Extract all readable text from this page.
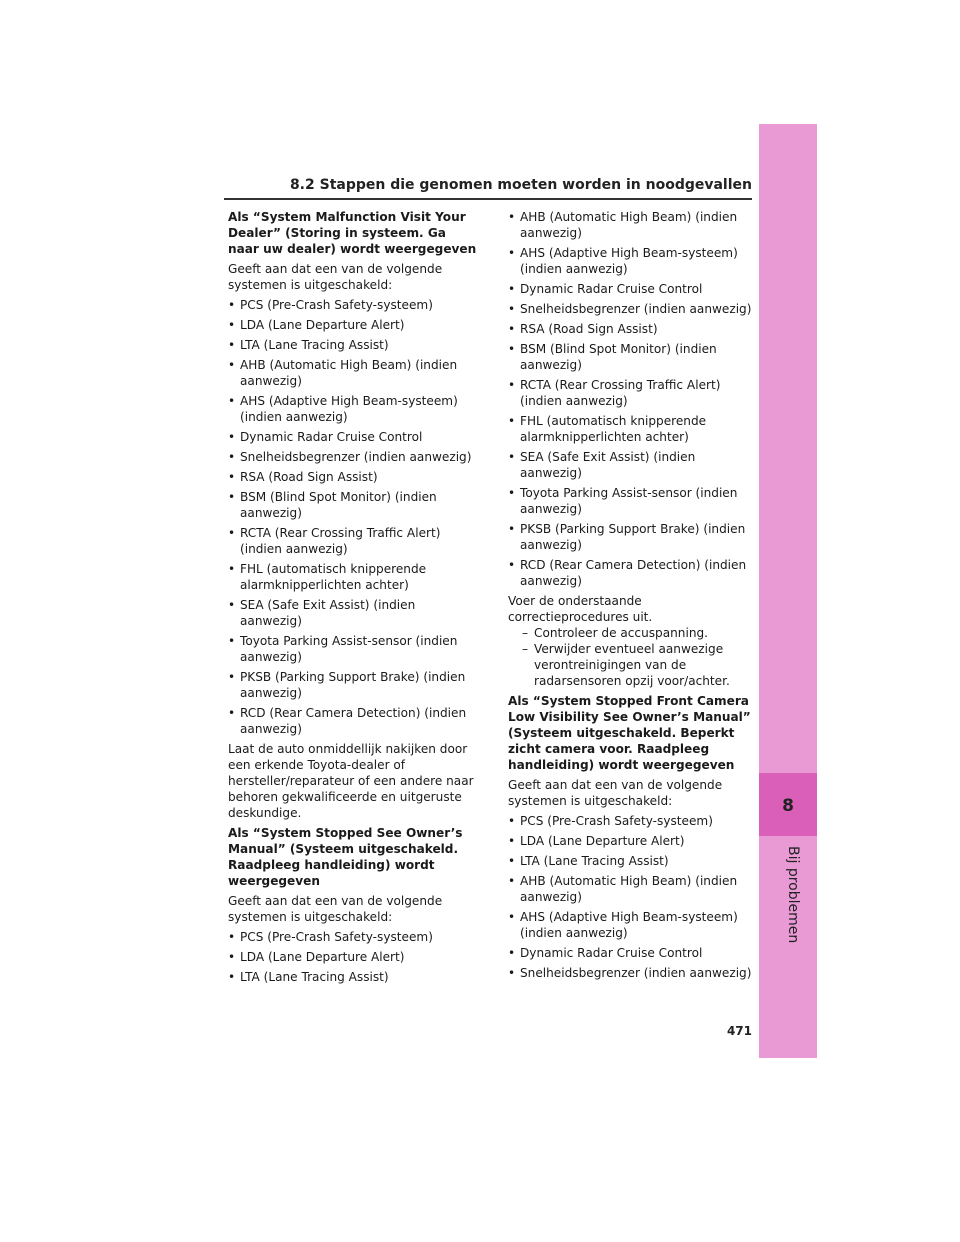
8.2 Stappen die genomen moeten worden in noodgevallen
8
Bij problemen
Als “System Malfunction Visit Your Dealer” (Storing in systeem. Ga naar uw dealer) wordt weergegeven

Geeft aan dat een van de volgende systemen is uitgeschakeld:

• PCS (Pre-Crash Safety-systeem)
• LDA (Lane Departure Alert)
• LTA (Lane Tracing Assist)
• AHB (Automatic High Beam) (indien aanwezig)
• AHS (Adaptive High Beam-systeem) (indien aanwezig)
• Dynamic Radar Cruise Control
• Snelheidsbegrenzer (indien aanwezig)
• RSA (Road Sign Assist)
• BSM (Blind Spot Monitor) (indien aanwezig)
• RCTA (Rear Crossing Traffic Alert) (indien aanwezig)
• FHL (automatisch knipperende alarmknipperlichten achter)
• SEA (Safe Exit Assist) (indien aanwezig)
• Toyota Parking Assist-sensor (indien aanwezig)
• PKSB (Parking Support Brake) (indien aanwezig)
• RCD (Rear Camera Detection) (indien aanwezig)

Laat de auto onmiddellijk nakijken door een erkende Toyota-dealer of hersteller/reparateur of een andere naar behoren gekwalificeerde en uitgeruste deskundige.

Als “System Stopped See Owner’s Manual” (Systeem uitgeschakeld. Raadpleeg handleiding) wordt weergegeven

Geeft aan dat een van de volgende systemen is uitgeschakeld:

• PCS (Pre-Crash Safety-systeem)
• LDA (Lane Departure Alert)
• LTA (Lane Tracing Assist)
• AHB (Automatic High Beam) (indien aanwezig)
• AHS (Adaptive High Beam-systeem) (indien aanwezig)
• Dynamic Radar Cruise Control
• Snelheidsbegrenzer (indien aanwezig)
• RSA (Road Sign Assist)
• BSM (Blind Spot Monitor) (indien aanwezig)
• RCTA (Rear Crossing Traffic Alert) (indien aanwezig)
• FHL (automatisch knipperende alarmknipperlichten achter)
• SEA (Safe Exit Assist) (indien aanwezig)
• Toyota Parking Assist-sensor (indien aanwezig)
• PKSB (Parking Support Brake) (indien aanwezig)
• RCD (Rear Camera Detection) (indien aanwezig)

Voer de onderstaande correctieprocedures uit.

– Controleer de accuspanning.
– Verwijder eventueel aanwezige verontreinigingen van de radarsensoren opzij voor/achter.
Als “System Stopped Front Camera Low Visibility See Owner’s Manual” (Systeem uitgeschakeld. Beperkt zicht camera voor. Raadpleeg handleiding) wordt weergegeven

Geeft aan dat een van de volgende systemen is uitgeschakeld:

• PCS (Pre-Crash Safety-systeem)
• LDA (Lane Departure Alert)
• LTA (Lane Tracing Assist)
• AHB (Automatic High Beam) (indien aanwezig)
• AHS (Adaptive High Beam-systeem) (indien aanwezig)
• Dynamic Radar Cruise Control
• Snelheidsbegrenzer (indien aanwezig)
471
